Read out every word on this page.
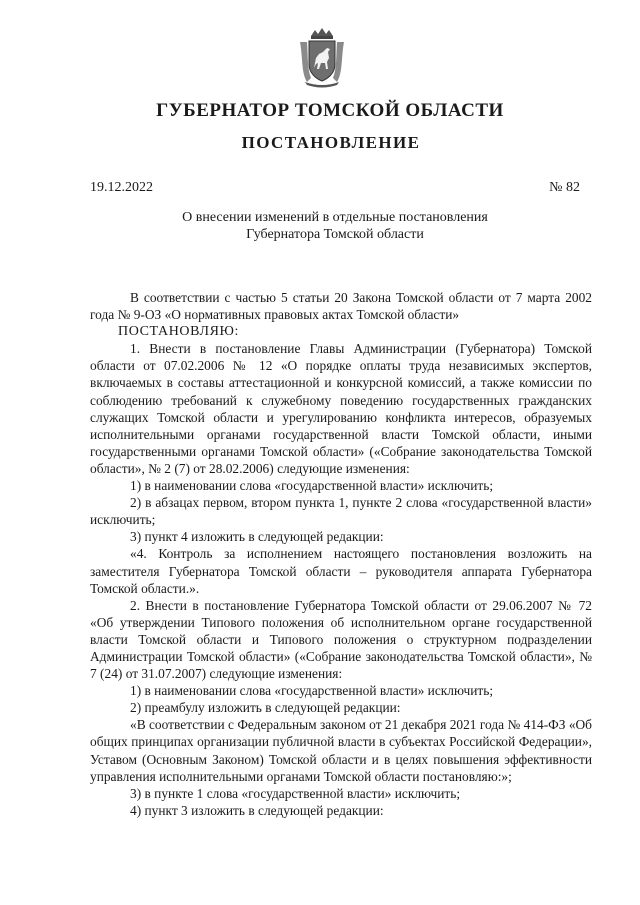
ГУБЕРНАТОР ТОМСКОЙ ОБЛАСТИ
ПОСТАНОВЛЕНИЕ
19.12.2022	№ 82
О внесении изменений в отдельные постановления
Губернатора Томской области

В соответствии с частью 5 статьи 20 Закона Томской области от 7 марта 2002 года № 9-ОЗ «О нормативных правовых актах Томской области»

ПОСТАНОВЛЯЮ:

1. Внести в постановление Главы Администрации (Губернатора) Томской области от 07.02.2006 № 12 «О порядке оплаты труда независимых экспертов, включаемых в составы аттестационной и конкурсной комиссий, а также комиссии по соблюдению требований к служебному поведению государственных гражданских служащих Томской области и урегулированию конфликта интересов, образуемых исполнительными органами государственной власти Томской области, иными государственными органами Томской области» («Собрание законодательства Томской области», № 2 (7) от 28.02.2006) следующие изменения:

1) в наименовании слова «государственной власти» исключить;

2) в абзацах первом, втором пункта 1, пункте 2 слова «государственной власти» исключить;

3) пункт 4 изложить в следующей редакции:

«4. Контроль за исполнением настоящего постановления возложить на заместителя Губернатора Томской области – руководителя аппарата Губернатора Томской области.».

2. Внести в постановление Губернатора Томской области от 29.06.2007 № 72 «Об утверждении Типового положения об исполнительном органе государственной власти Томской области и Типового положения о структурном подразделении Администрации Томской области» («Собрание законодательства Томской области», № 7 (24) от 31.07.2007) следующие изменения:

1) в наименовании слова «государственной власти» исключить;

2) преамбулу изложить в следующей редакции:

«В соответствии с Федеральным законом от 21 декабря 2021 года № 414-ФЗ «Об общих принципах организации публичной власти в субъектах Российской Федерации», Уставом (Основным Законом) Томской области и в целях повышения эффективности управления исполнительными органами Томской области постановляю:»;

3) в пункте 1 слова «государственной власти» исключить;

4) пункт 3 изложить в следующей редакции:
